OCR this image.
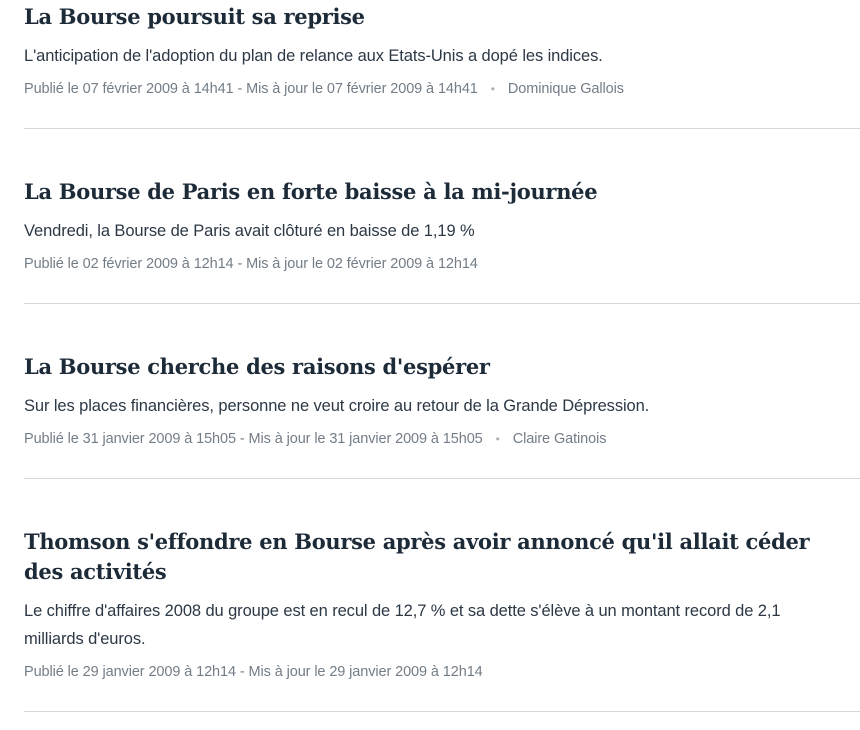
La Bourse poursuit sa reprise

L'anticipation de l'adoption du plan de relance aux Etats-Unis a dopé les indices.

Publié le 07 février 2009 à 14h41 - Mis à jour le 07 février 2009 à 14h41 • Dominique Gallois
La Bourse de Paris en forte baisse à la mi-journée

Vendredi, la Bourse de Paris avait clôturé en baisse de 1,19 %

Publié le 02 février 2009 à 12h14 - Mis à jour le 02 février 2009 à 12h14
La Bourse cherche des raisons d'espérer

Sur les places financières, personne ne veut croire au retour de la Grande Dépression.

Publié le 31 janvier 2009 à 15h05 - Mis à jour le 31 janvier 2009 à 15h05 • Claire Gatinois
Thomson s'effondre en Bourse après avoir annoncé qu'il allait céder des activités

Le chiffre d'affaires 2008 du groupe est en recul de 12,7 % et sa dette s'élève à un montant record de 2,1 milliards d'euros.

Publié le 29 janvier 2009 à 12h14 - Mis à jour le 29 janvier 2009 à 12h14
